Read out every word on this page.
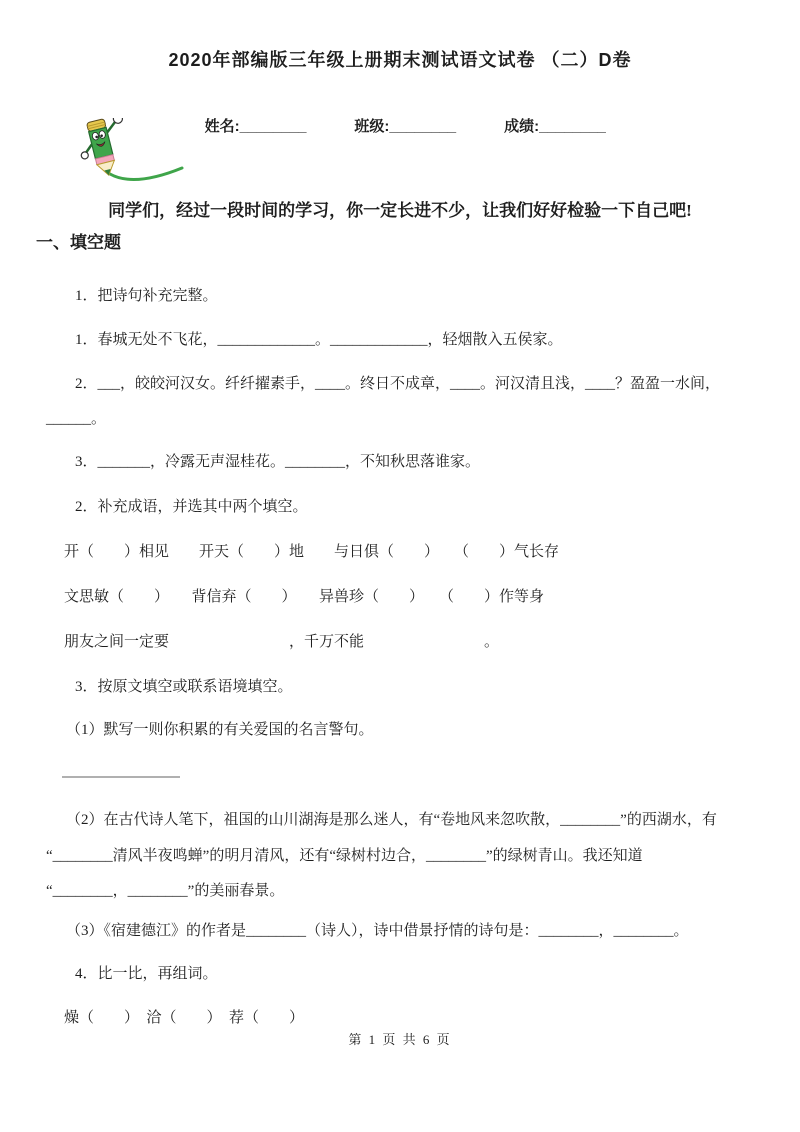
2020年部编版三年级上册期末测试语文试卷 （二）D卷

姓名:________	班级:________	成绩:________

同学们，经过一段时间的学习，你一定长进不少，让我们好好检验一下自己吧!
一、填空题
1．把诗句补充完整。
1．春城无处不飞花，_____________。_____________，轻烟散入五侯家。
2．___，皎皎河汉女。纤纤擢素手，____。终日不成章，____。河汉清且浅，____？盈盈一水间，
______。
3．_______，冷露无声湿桂花。________，不知秋思落谁家。
2．补充成语，并选其中两个填空。
开（　　）相见　　开天（　　）地　　与日俱（　　）　　（　　）气长存
文思敏（　　）　　背信弃（　　）　　异兽珍（　　）　　（　　）作等身
朋友之间一定要　　　　　　　　，千万不能　　　　　　　　。
3．按原文填空或联系语境填空。
（1）默写一则你积累的有关爱国的名言警句。
（2）在古代诗人笔下，祖国的山川湖海是那么迷人，有“卷地风来忽吹散，________”的西湖水，有
“________清风半夜鸣蝉”的明月清风，还有“绿树村边合，________”的绿树青山。我还知道
“________，________”的美丽春景。
（3）《宿建德江》的作者是________（诗人），诗中借景抒情的诗句是：________，________。
4．比一比，再组词。
燥（　　）　洽（　　）　荐（　　）
第 1 页 共 6 页
